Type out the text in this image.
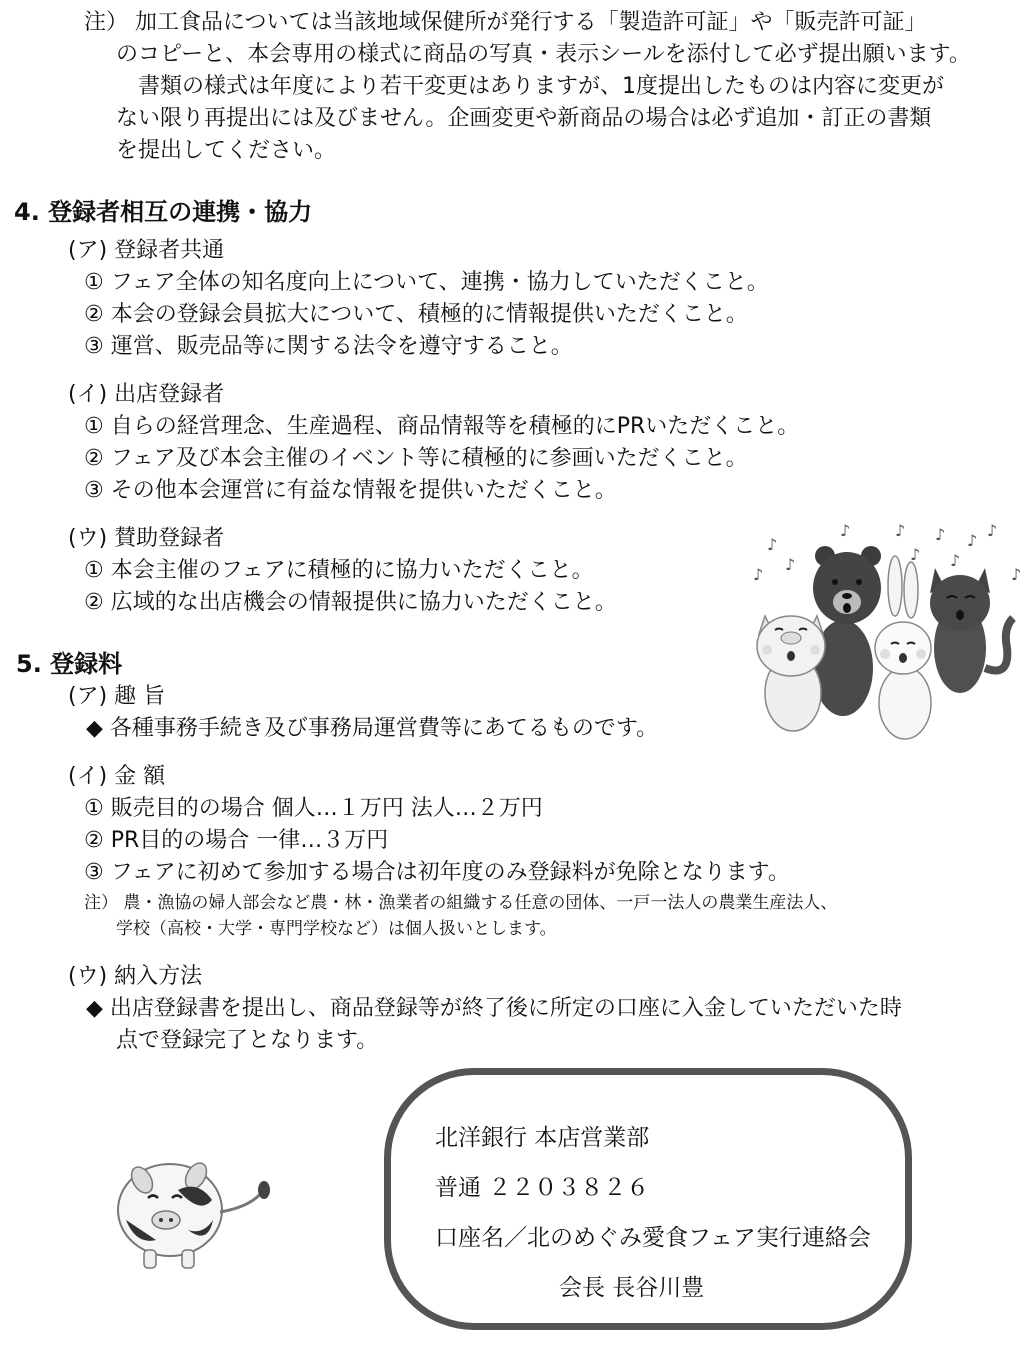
注） 加工食品については当該地域保健所が発行する「製造許可証」や「販売許可証」
のコピーと、本会専用の様式に商品の写真・表示シールを添付して必ず提出願います。
書類の様式は年度により若干変更はありますが、1度提出したものは内容に変更が
ない限り再提出には及びません。企画変更や新商品の場合は必ず追加・訂正の書類
を提出してください。
4. 登録者相互の連携・協力
(ア) 登録者共通
① フェア全体の知名度向上について、連携・協力していただくこと。
② 本会の登録会員拡大について、積極的に情報提供いただくこと。
③ 運営、販売品等に関する法令を遵守すること。
(イ) 出店登録者
① 自らの経営理念、生産過程、商品情報等を積極的にPRいただくこと。
② フェア及び本会主催のイベント等に積極的に参画いただくこと。
③ その他本会運営に有益な情報を提供いただくこと。
(ウ) 賛助登録者
① 本会主催のフェアに積極的に協力いただくこと。
② 広域的な出店機会の情報提供に協力いただくこと。
♪
♪
♪
♪	♪
♪
♪
♪
♪
♪
♪
5. 登録料
(ア) 趣 旨
◆ 各種事務手続き及び事務局運営費等にあてるものです。
(イ) 金 額
① 販売目的の場合 個人…１万円 法人…２万円
② PR目的の場合 一律…３万円
③ フェアに初めて参加する場合は初年度のみ登録料が免除となります。
注） 農・漁協の婦人部会など農・林・漁業者の組織する任意の団体、一戸一法人の農業生産法人、
学校（高校・大学・専門学校など）は個人扱いとします。
(ウ) 納入方法
◆ 出店登録書を提出し、商品登録等が終了後に所定の口座に入金していただいた時
点で登録完了となります。
北洋銀行 本店営業部
普通 ２２０３８２６
口座名／北のめぐみ愛食フェア実行連絡会
会長 長谷川豊
